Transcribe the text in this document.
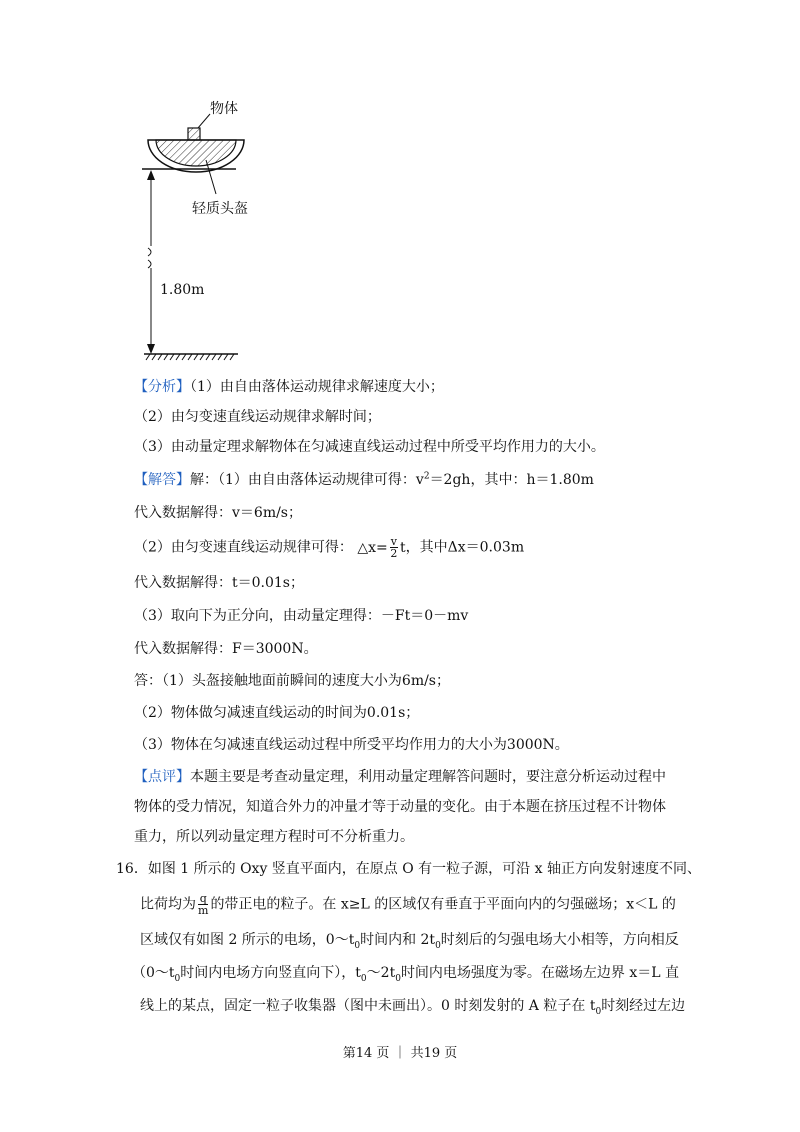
物体
轻质头盔
1.80m
【分析】（1）由自由落体运动规律求解速度大小；
（2）由匀变速直线运动规律求解时间；
（3）由动量定理求解物体在匀减速直线运动过程中所受平均作用力的大小。
【解答】解：（1）由自由落体运动规律可得：$v^2=2gh$，其中：h＝1.80m
代入数据解得：v＝6m/s；
（2）由匀变速直线运动规律可得： △x= $\frac{v}{2}$ t，其中Δx＝0.03m
代入数据解得：t＝0.01s；
（3）取向下为正分向，由动量定理得：－Ft＝0－mv
代入数据解得：F＝3000N。
答：（1）头盔接触地面前瞬间的速度大小为6m/s；
（2）物体做匀减速直线运动的时间为0.01s；
（3）物体在匀减速直线运动过程中所受平均作用力的大小为3000N。
【点评】本题主要是考查动量定理，利用动量定理解答问题时，要注意分析运动过程中
物体的受力情况，知道合外力的冲量才等于动量的变化。由于本题在挤压过程不计物体
重力，所以列动量定理方程时可不分析重力。
16．如图 1 所示的 Oxy 竖直平面内，在原点 O 有一粒子源，可沿 x 轴正方向发射速度不同、
比荷均为 $\frac{q}{m}$ 的带正电的粒子。在 x≥L 的区域仅有垂直于平面向内的匀强磁场；x＜L 的
区域仅有如图 2 所示的电场，$0\sim t_0$时间内和 $2t_0$时刻后的匀强电场大小相等，方向相反
（$0\sim t_0$时间内电场方向竖直向下），$t_0\sim 2t_0$时间内电场强度为零。在磁场左边界 x＝L 直
线上的某点，固定一粒子收集器（图中未画出）。0 时刻发射的 A 粒子在 $t_0$时刻经过左边
第14 页 ｜ 共19 页
